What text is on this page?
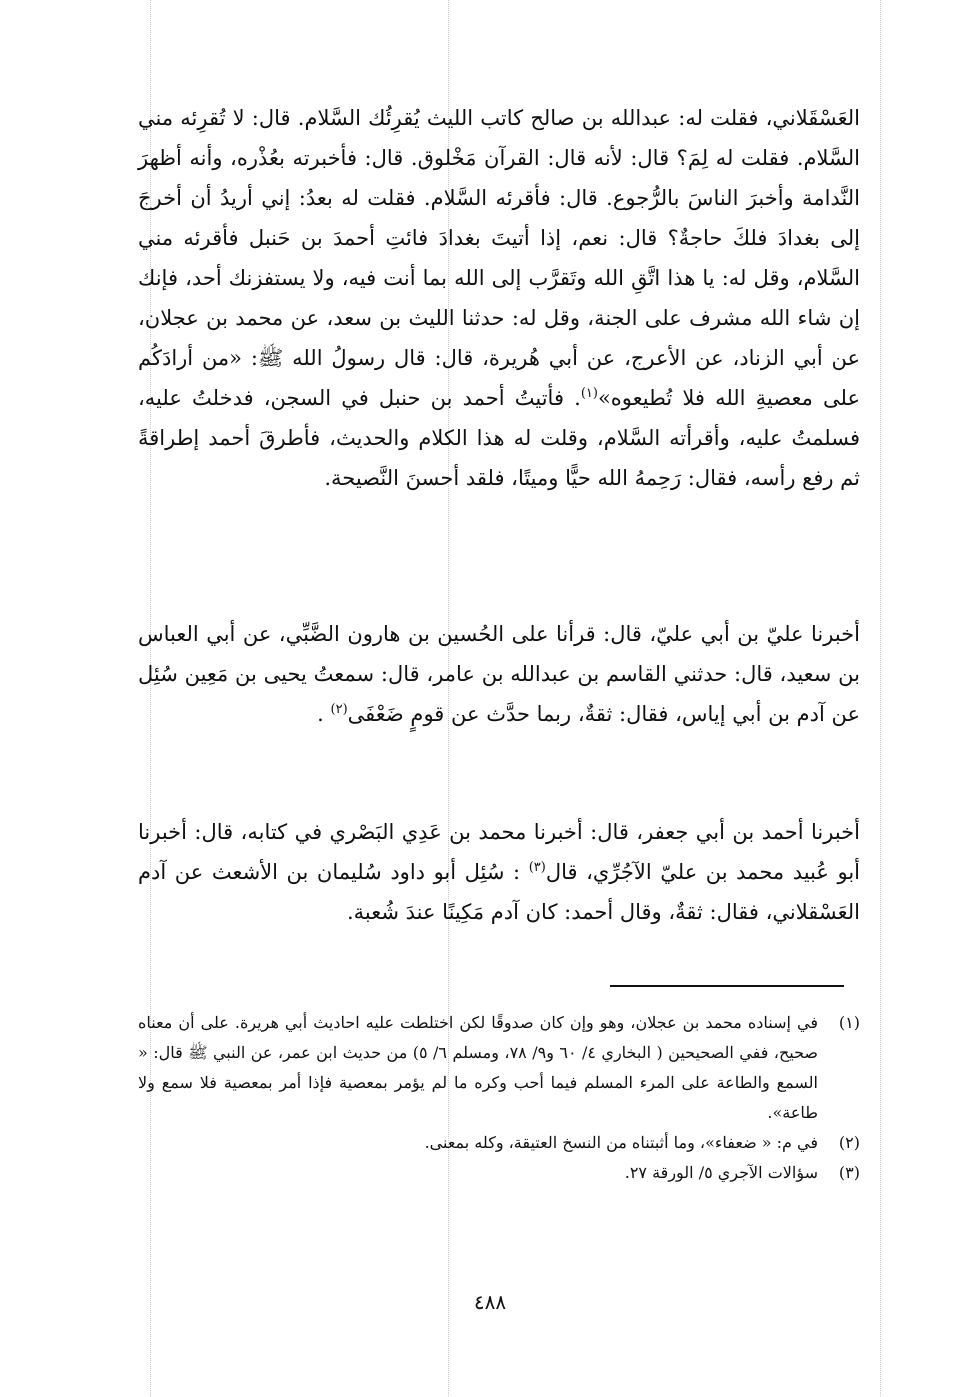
العَسْقَلاني، فقلت له: عبدالله بن صالح كاتب الليث يُقرِئُك السَّلام. قال: لا تُقرِئه مني السَّلام. فقلت له لِمَ؟ قال: لأنه قال: القرآن مَخْلوق. قال: فأخبرته بعُذْره، وأنه أظهرَ النَّدامة وأخبرَ الناسَ بالرُّجوع. قال: فأقرئه السَّلام. فقلت له بعدُ: إني أريدُ أن أخرجَ إلى بغدادَ فلكَ حاجةٌ؟ قال: نعم، إذا أتيتَ بغدادَ فائتِ أحمدَ بن حَنبل فأقرئه مني السَّلام، وقل له: يا هذا اتَّقِ الله وتَقرَّب إلى الله بما أنت فيه، ولا يستفزنك أحد، فإنك إن شاء الله مشرف على الجنة، وقل له: حدثنا الليث بن سعد، عن محمد بن عجلان، عن أبي الزناد، عن الأعرج، عن أبي هُريرة، قال: قال رسولُ الله ﷺ: «من أرادَكُم على معصيةِ الله فلا تُطيعوه»$^{(١)}$. فأتيتُ أحمد بن حنبل في السجن، فدخلتُ عليه، فسلمتُ عليه، وأقرأته السَّلام، وقلت له هذا الكلام والحديث، فأطرقَ أحمد إطراقةً ثم رفع رأسه، فقال: رَحِمهُ الله حيًّا وميتًا، فلقد أحسنَ النَّصيحة.

أخبرنا عليّ بن أبي عليّ، قال: قرأنا على الحُسين بن هارون الضَّبِّي، عن أبي العباس بن سعيد، قال: حدثني القاسم بن عبدالله بن عامر، قال: سمعتُ يحيى بن مَعِين سُئِل عن آدم بن أبي إياس، فقال: ثقةٌ، ربما حدَّث عن قومٍ ضَعْفَى$^{(٢)}$ .

أخبرنا أحمد بن أبي جعفر، قال: أخبرنا محمد بن عَدِي البَصْري في كتابه، قال: أخبرنا أبو عُبيد محمد بن عليّ الآجُرِّي، قال$^{(٣)}$ : سُئِل أبو داود سُليمان بن الأشعث عن آدم العَسْقلاني، فقال: ثقةٌ، وقال أحمد: كان آدم مَكِينًا عندَ شُعبة.

(١)
في إسناده محمد بن عجلان، وهو وإن كان صدوقًا لكن اختلطت عليه احاديث أبي هريرة. على أن معناه صحيح، ففي الصحيحين ( البخاري ٤/ ٦٠ و٩/ ٧٨، ومسلم ٦/ ٥) من حديث ابن عمر، عن النبي ﷺ قال: « السمع والطاعة على المرء المسلم فيما أحب وكره ما لم يؤمر بمعصية فإذا أمر بمعصية فلا سمع ولا طاعة».
(٢)
في م: « ضعفاء»، وما أثبتناه من النسخ العتيقة، وكله بمعنى.
(٣)
سؤالات الآجري ٥/ الورقة ٢٧.
٤٨٨
